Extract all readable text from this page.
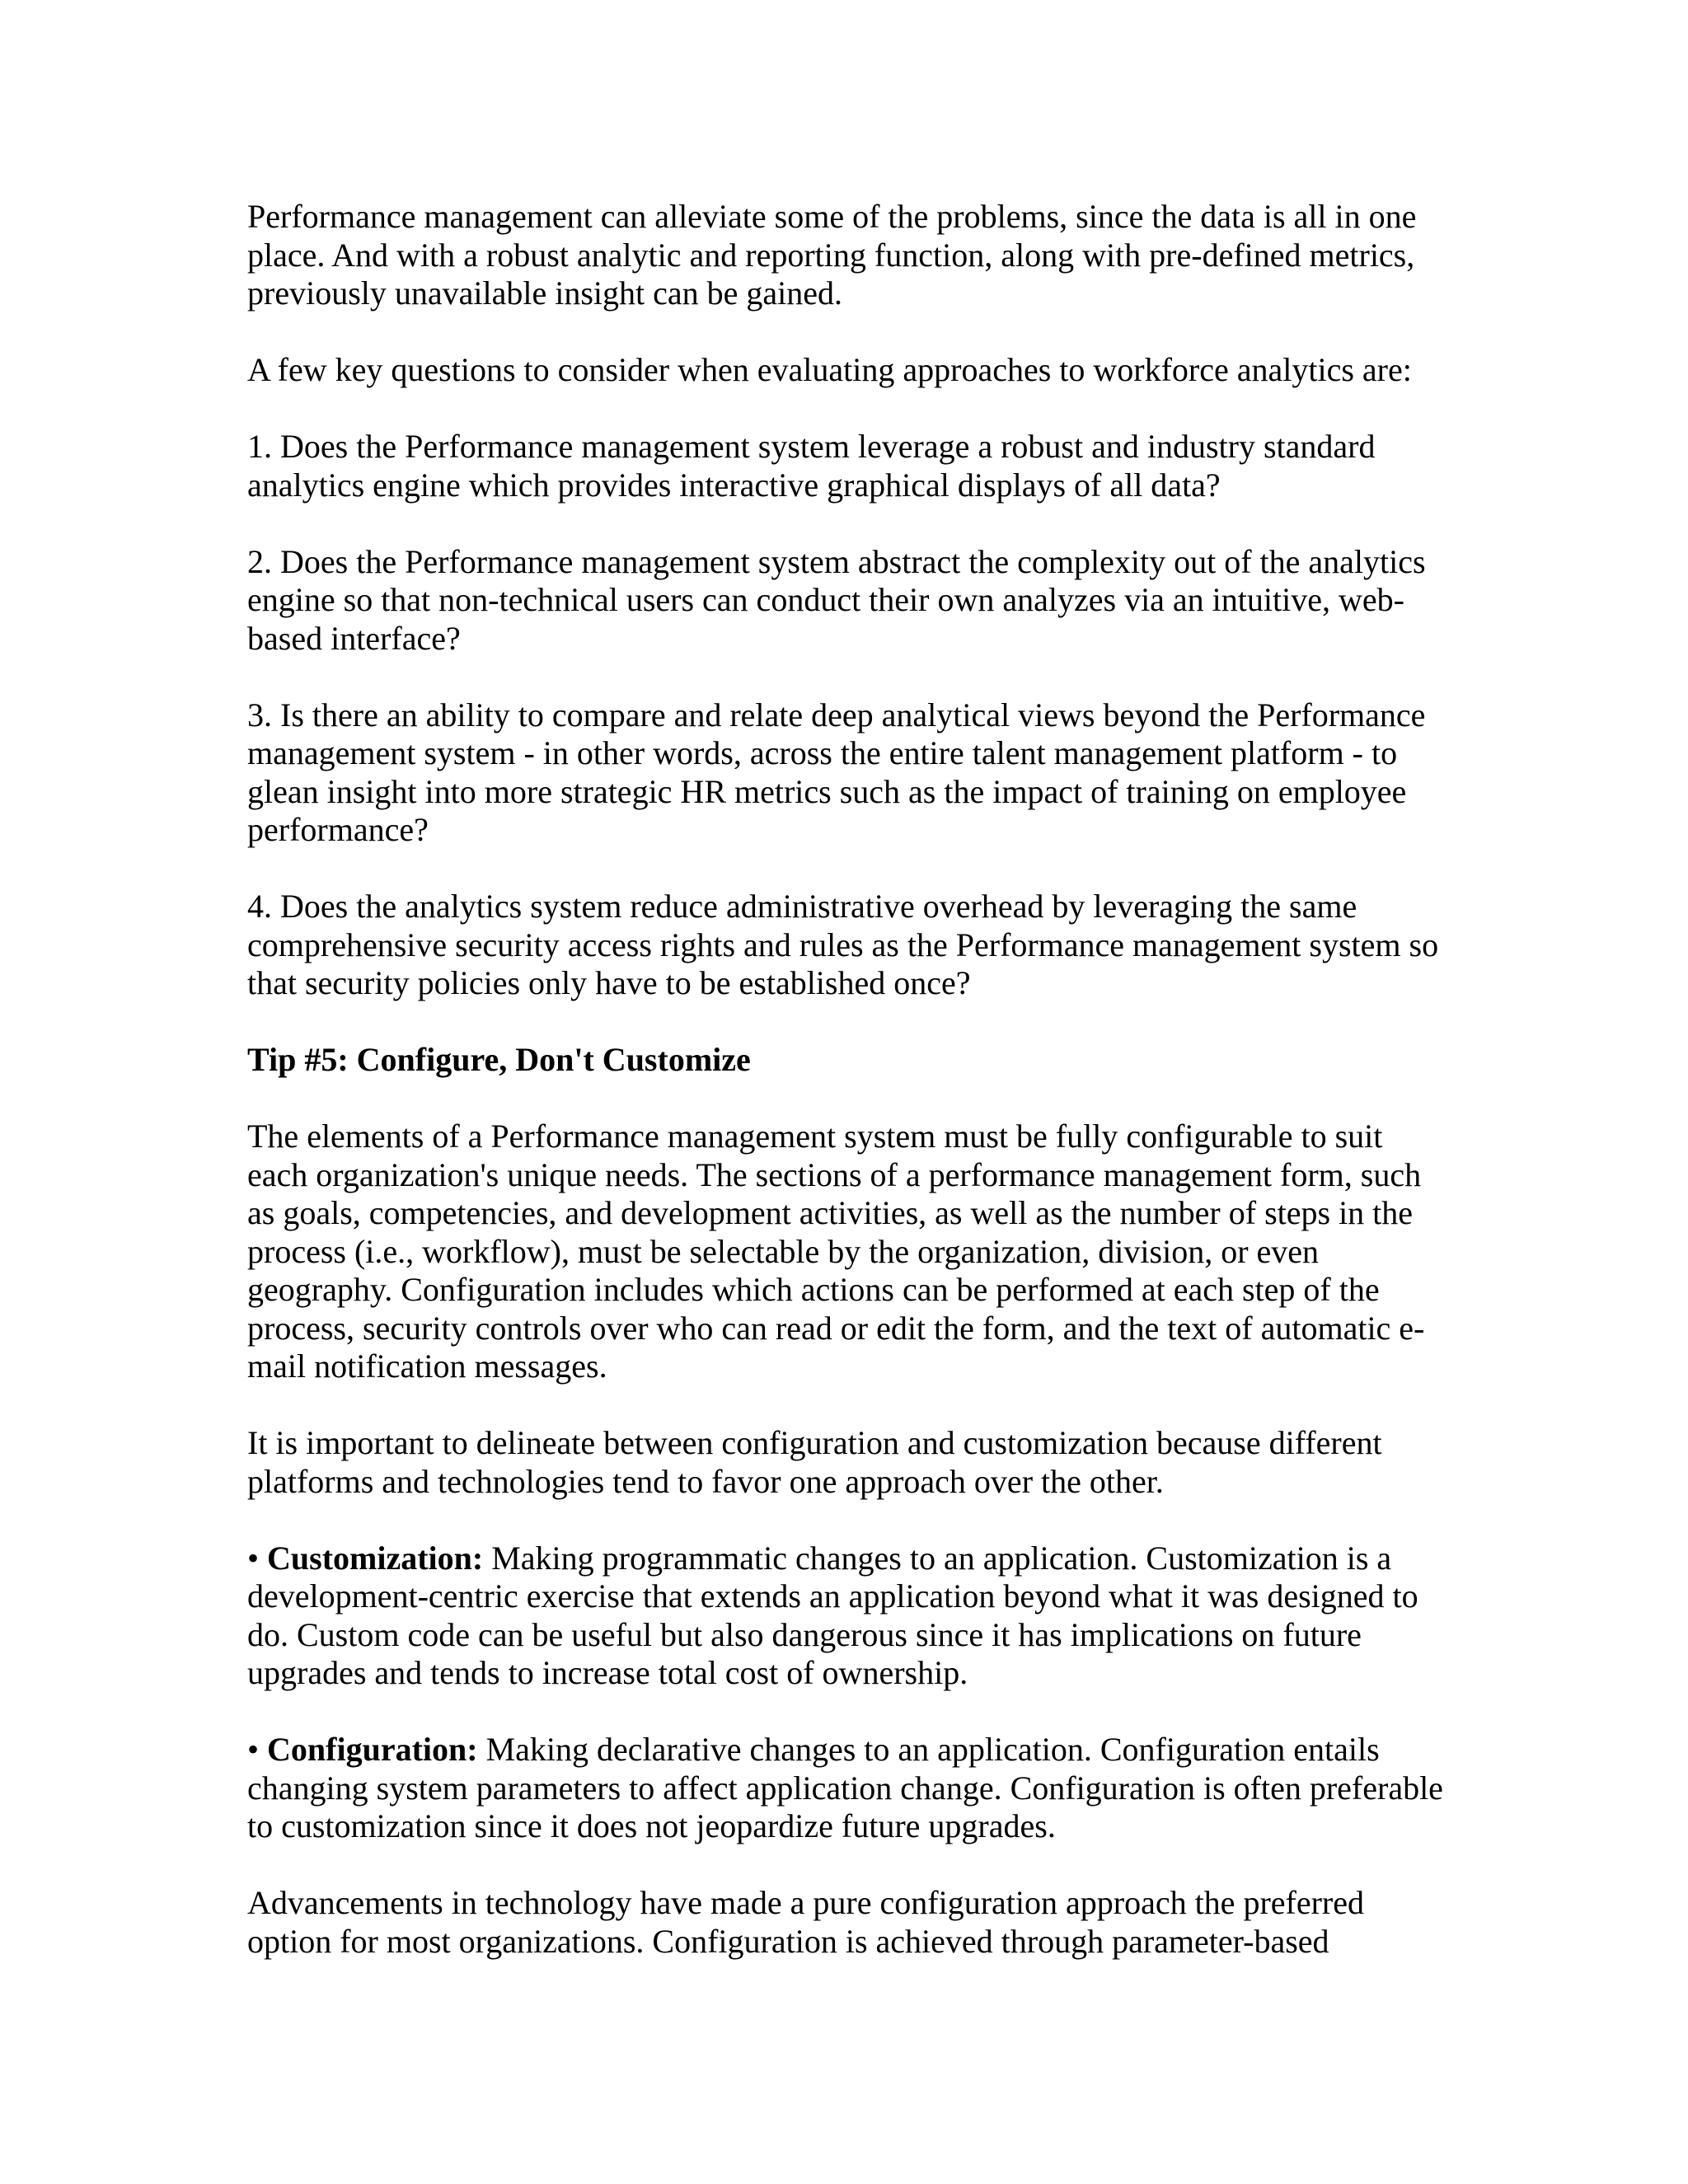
Performance management can alleviate some of the problems, since the data is all in one place. And with a robust analytic and reporting function, along with pre-defined metrics, previously unavailable insight can be gained.

A few key questions to consider when evaluating approaches to workforce analytics are:

1. Does the Performance management system leverage a robust and industry standard analytics engine which provides interactive graphical displays of all data?

2. Does the Performance management system abstract the complexity out of the analytics engine so that non-technical users can conduct their own analyzes via an intuitive, web-based interface?

3. Is there an ability to compare and relate deep analytical views beyond the Performance management system - in other words, across the entire talent management platform - to glean insight into more strategic HR metrics such as the impact of training on employee performance?

4. Does the analytics system reduce administrative overhead by leveraging the same comprehensive security access rights and rules as the Performance management system so that security policies only have to be established once?

Tip #5: Configure, Don't Customize

The elements of a Performance management system must be fully configurable to suit each organization's unique needs. The sections of a performance management form, such as goals, competencies, and development activities, as well as the number of steps in the process (i.e., workflow), must be selectable by the organization, division, or even geography. Configuration includes which actions can be performed at each step of the process, security controls over who can read or edit the form, and the text of automatic e-mail notification messages.

It is important to delineate between configuration and customization because different platforms and technologies tend to favor one approach over the other.

• Customization: Making programmatic changes to an application. Customization is a development-centric exercise that extends an application beyond what it was designed to do. Custom code can be useful but also dangerous since it has implications on future upgrades and tends to increase total cost of ownership.

• Configuration: Making declarative changes to an application. Configuration entails changing system parameters to affect application change. Configuration is often preferable to customization since it does not jeopardize future upgrades.

Advancements in technology have made a pure configuration approach the preferred option for most organizations. Configuration is achieved through parameter-based
